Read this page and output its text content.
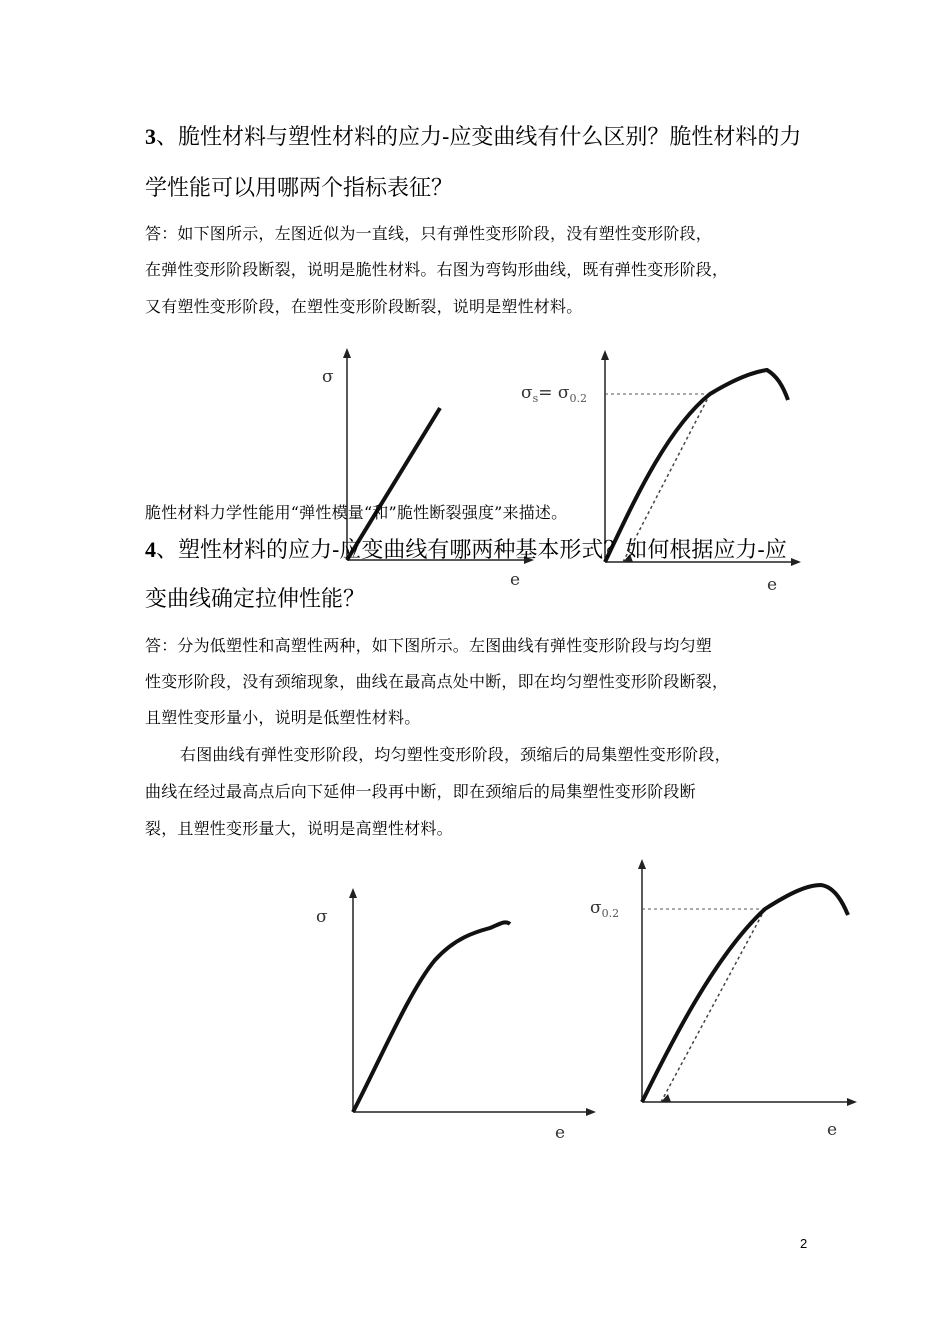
3、脆性材料与塑性材料的应力-应变曲线有什么区别？脆性材料的力
学性能可以用哪两个指标表征？
答：如下图所示，左图近似为一直线，只有弹性变形阶段，没有塑性变形阶段，
在弹性变形阶段断裂，说明是脆性材料。右图为弯钩形曲线，既有弹性变形阶段，
又有塑性变形阶段，在塑性变形阶段断裂，说明是塑性材料。
σ
e
$\sigma_s= \sigma_{0.2}$
e
脆性材料力学性能用“弹性模量“和”脆性断裂强度”来描述。
4、塑性材料的应力-应变曲线有哪两种基本形式？如何根据应力-应
变曲线确定拉伸性能？
答：分为低塑性和高塑性两种，如下图所示。左图曲线有弹性变形阶段与均匀塑
性变形阶段，没有颈缩现象，曲线在最高点处中断，即在均匀塑性变形阶段断裂，
且塑性变形量小，说明是低塑性材料。
右图曲线有弹性变形阶段，均匀塑性变形阶段，颈缩后的局集塑性变形阶段，
曲线在经过最高点后向下延伸一段再中断，即在颈缩后的局集塑性变形阶段断
裂，且塑性变形量大，说明是高塑性材料。
σ
e
$\sigma_{0.2}$
e
2
